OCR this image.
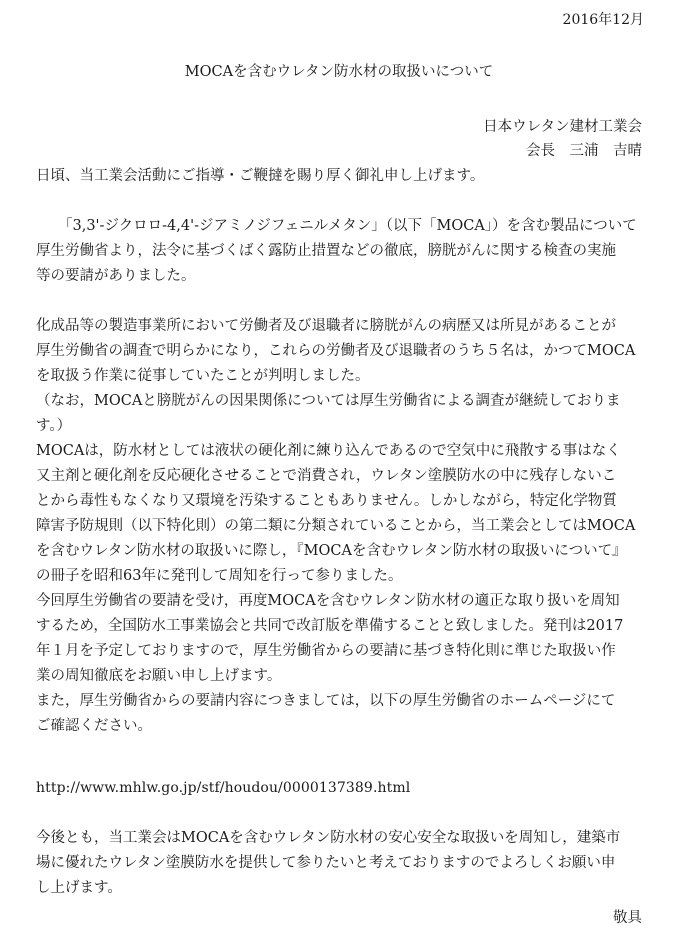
2016年12月
MOCAを含むウレタン防水材の取扱いについて
日本ウレタン建材工業会
会長　三浦　吉晴
日頃、当工業会活動にご指導・ご鞭撻を賜り厚く御礼申し上げます。
「3,3'-ジクロロ-4,4'-ジアミノジフェニルメタン」（以下「MOCA」）を含む製品について
厚生労働省より，法令に基づくばく露防止措置などの徹底，膀胱がんに関する検査の実施
等の要請がありました。
化成品等の製造事業所において労働者及び退職者に膀胱がんの病歴又は所見があることが
厚生労働省の調査で明らかになり，これらの労働者及び退職者のうち５名は，かつてMOCA
を取扱う作業に従事していたことが判明しました。
（なお，MOCAと膀胱がんの因果関係については厚生労働省による調査が継続しておりま
す。）
MOCAは，防水材としては液状の硬化剤に練り込んであるので空気中に飛散する事はなく
又主剤と硬化剤を反応硬化させることで消費され，ウレタン塗膜防水の中に残存しないこ
とから毒性もなくなり又環境を汚染することもありません。しかしながら，特定化学物質
障害予防規則（以下特化則）の第二類に分類されていることから，当工業会としてはMOCA
を含むウレタン防水材の取扱いに際し，『MOCAを含むウレタン防水材の取扱いについて』
の冊子を昭和63年に発刊して周知を行って参りました。
今回厚生労働省の要請を受け，再度MOCAを含むウレタン防水材の適正な取り扱いを周知
するため，全国防水工事業協会と共同で改訂版を準備することと致しました。発刊は2017
年１月を予定しておりますので，厚生労働省からの要請に基づき特化則に準じた取扱い作
業の周知徹底をお願い申し上げます。
また，厚生労働省からの要請内容につきましては，以下の厚生労働省のホームページにて
ご確認ください。
http://www.mhlw.go.jp/stf/houdou/0000137389.html
今後とも，当工業会はMOCAを含むウレタン防水材の安心安全な取扱いを周知し，建築市
場に優れたウレタン塗膜防水を提供して参りたいと考えておりますのでよろしくお願い申
し上げます。
敬具
